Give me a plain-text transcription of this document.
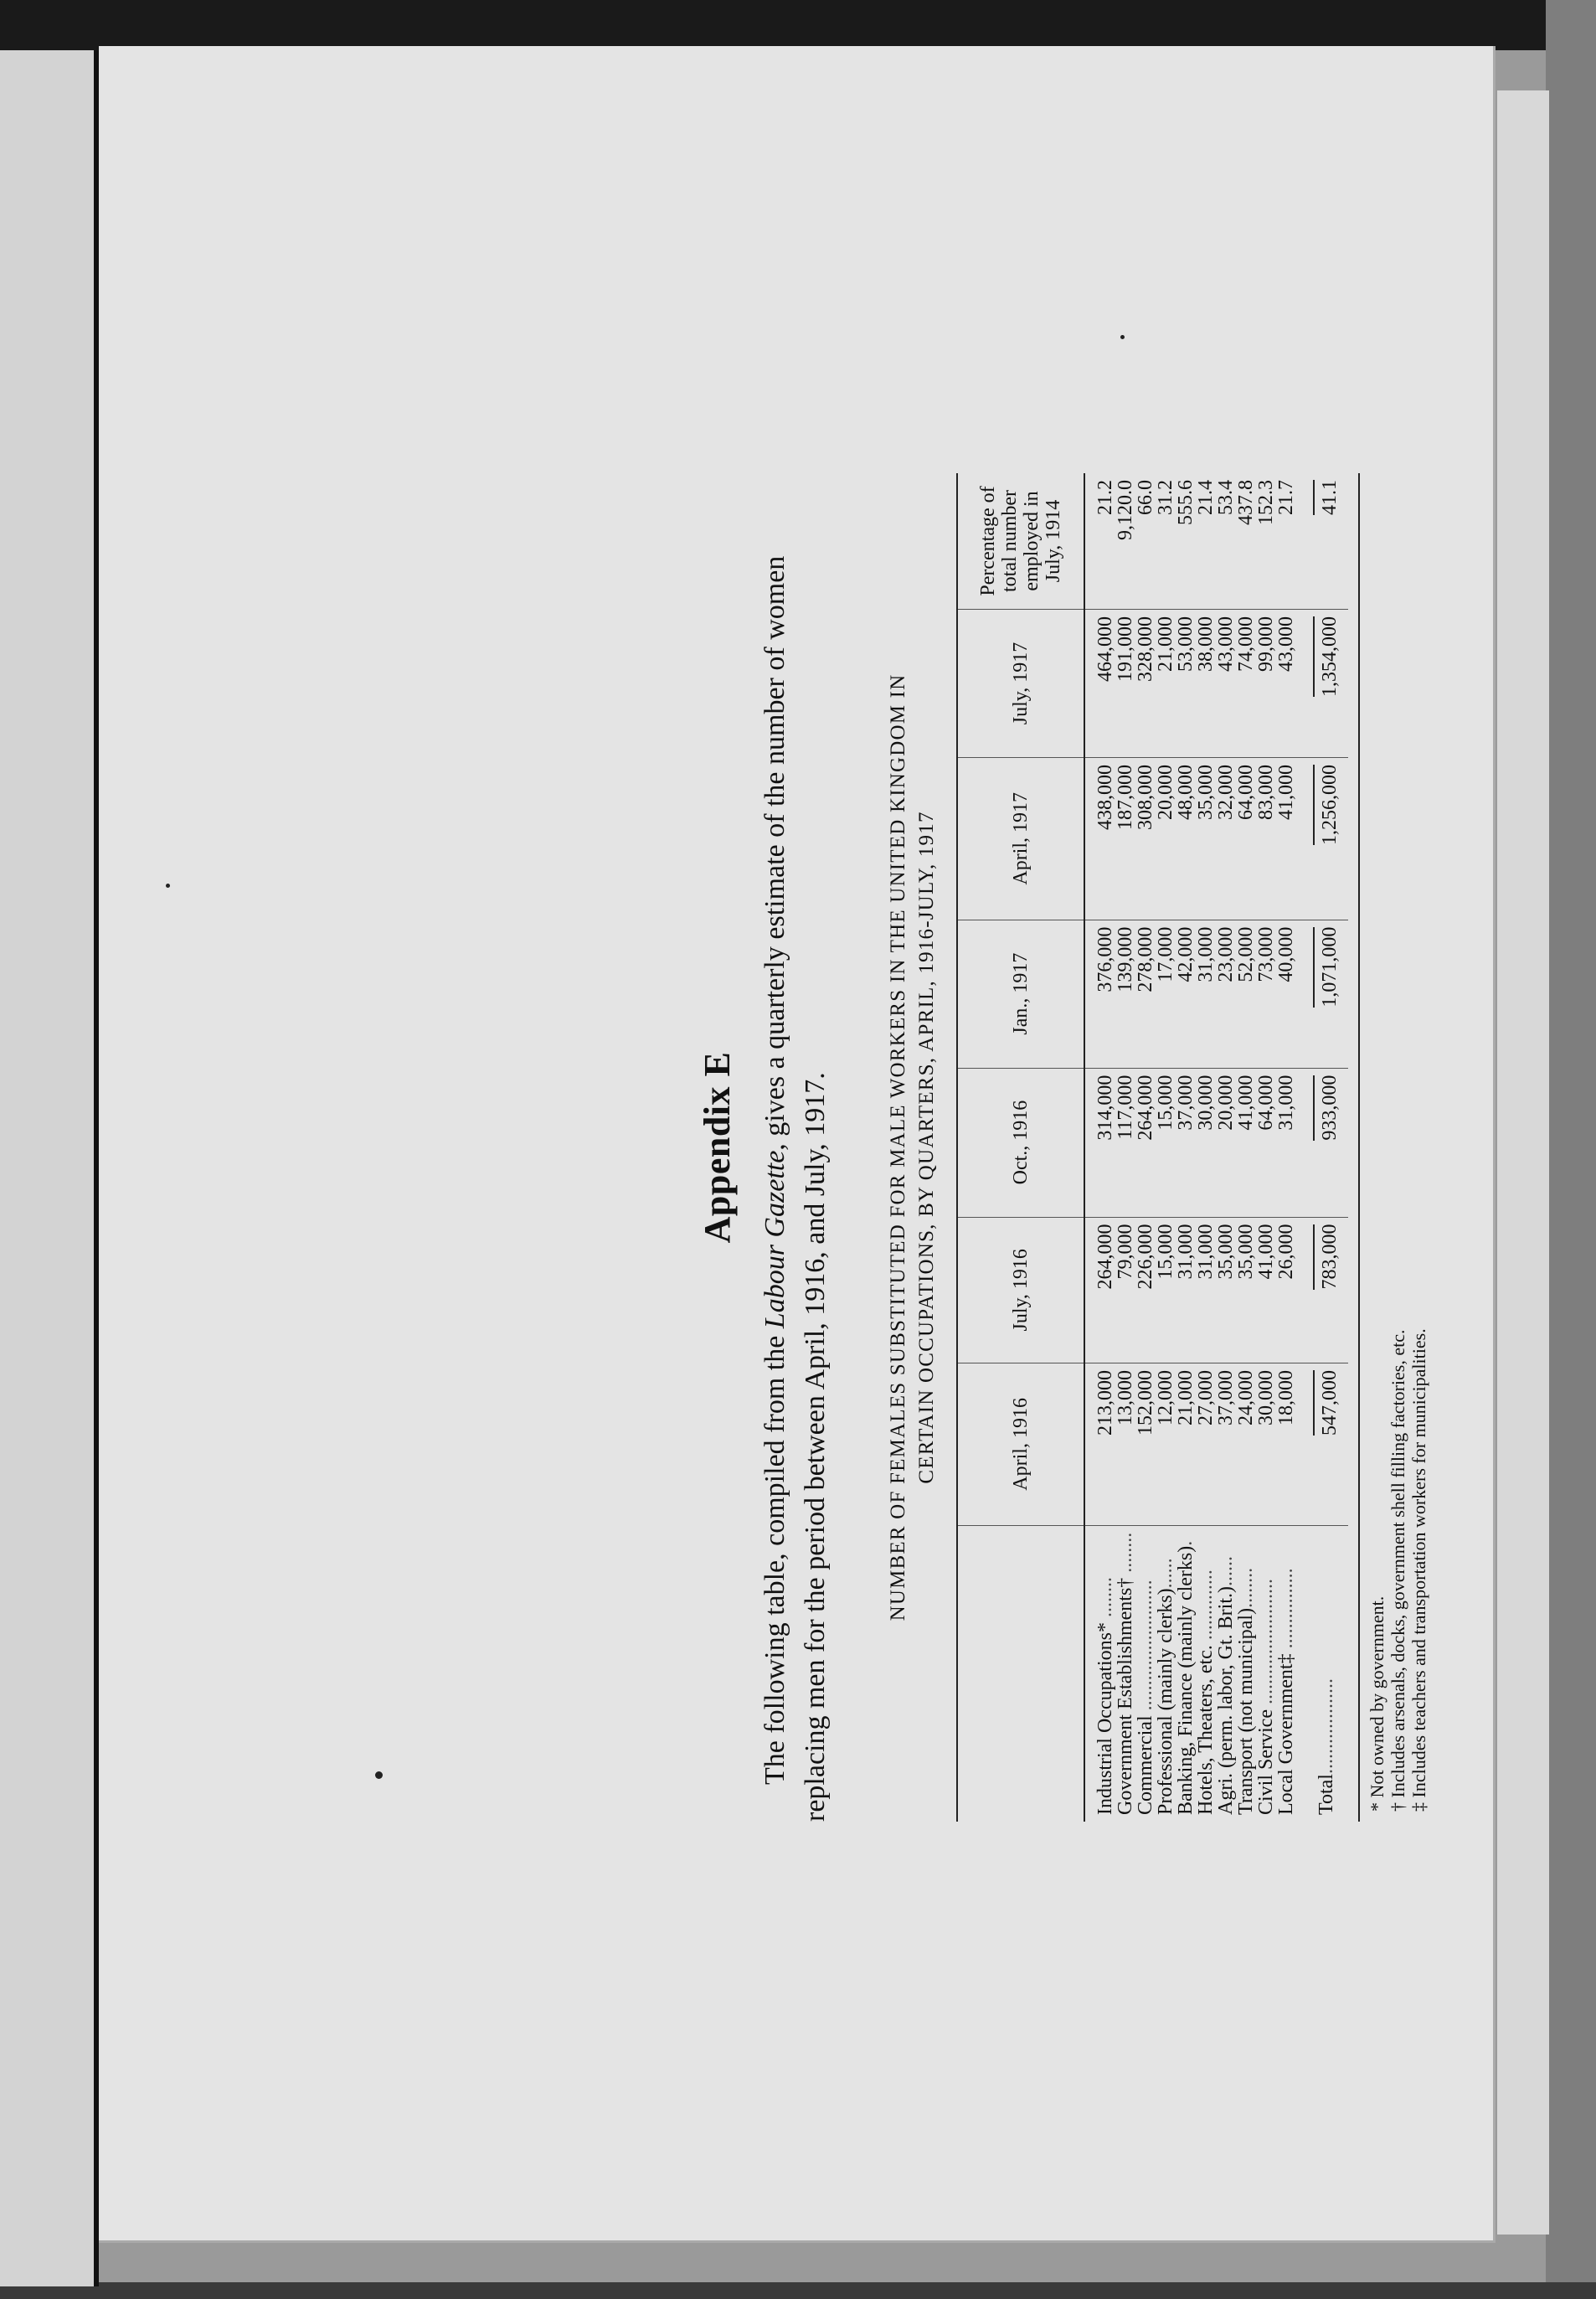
Appendix E

The following table, compiled from the Labour Gazette, gives a quarterly estimate of the number of women replacing men for the period between April, 1916, and July, 1917.	NUMBER OF FEMALES SUBSTITUTED FOR MALE WORKERS IN THE UNITED KINGDOM IN CERTAIN OCCUPATIONS, BY QUARTERS, APRIL, 1916-JULY, 1917
		April, 1916	July, 1916	Oct., 1916	Jan., 1917	April, 1917	July, 1917	Percentage of total number employed in July, 1914
Industrial Occupations* ........	213,000	264,000	314,000	376,000	438,000	464,000	21.2
Government Establishments† ........	13,000	79,000	117,000	139,000	187,000	191,000	9,120.0
Commercial ..........................	152,000	226,000	264,000	278,000	308,000	328,000	66.0
Professional (mainly clerks)......	12,000	15,000	15,000	17,000	20,000	21,000	31.2
Banking, Finance (mainly clerks).	21,000	31,000	37,000	42,000	48,000	53,000	555.6
Hotels, Theaters, etc. ..............	27,000	31,000	30,000	31,000	35,000	38,000	21.4
Agri. (perm. labor, Gt. Brit.)......	37,000	35,000	20,000	23,000	32,000	43,000	53.4
Transport (not municipal)........	24,000	35,000	41,000	52,000	64,000	74,000	437.8
Civil Service .........................	30,000	41,000	64,000	73,000	83,000	99,000	152.3
Local Government‡ ................	18,000	26,000	31,000	40,000	41,000	43,000	21.7
Total...................	547,000	783,000	933,000	1,071,000	1,256,000	1,354,000	41.1
* Not owned by government. † Includes arsenals, docks, government shell filling factories, etc. ‡ Includes teachers and transportation workers for municipalities.
